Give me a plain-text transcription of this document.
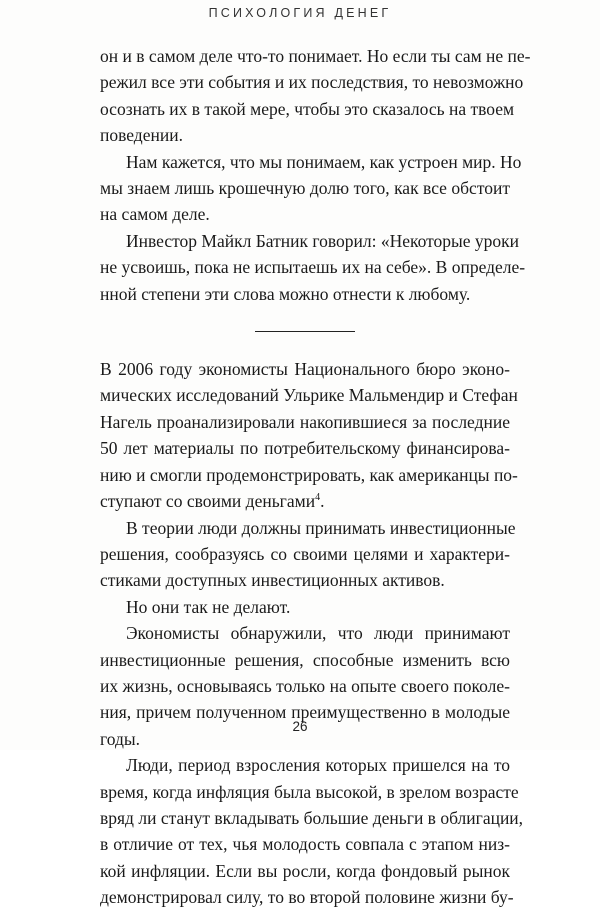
ПСИХОЛОГИЯ ДЕНЕГ

он и в самом деле что-то понимает. Но если ты сам не пе-
режил все эти события и их последствия, то невозможно
осознать их в такой мере, чтобы это сказалось на твоем
поведении.

Нам кажется, что мы понимаем, как устроен мир. Но
мы знаем лишь крошечную долю того, как все обстоит
на самом деле.

Инвестор Майкл Батник говорил: «Некоторые уроки
не усвоишь, пока не испытаешь их на себе». В определе-
нной степени эти слова можно отнести к любому.

В 2006 году экономисты Национального бюро эконо-
мических исследований Ульрике Мальмендир и Стефан
Нагель проанализировали накопившиеся за последние
50 лет материалы по потребительскому финансирова-
нию и смогли продемонстрировать, как американцы по-
ступают со своими деньгами$^4$.

В теории люди должны принимать инвестиционные
решения, сообразуясь со своими целями и характери-
стиками доступных инвестиционных активов.

Но они так не делают.

Экономисты обнаружили, что люди принимают
инвестиционные решения, способные изменить всю
их жизнь, основываясь только на опыте своего поколе-
ния, причем полученном преимущественно в молодые
годы.

Люди, период взросления которых пришелся на то
время, когда инфляция была высокой, в зрелом возрасте
вряд ли станут вкладывать большие деньги в облигации,
в отличие от тех, чья молодость совпала с этапом низ-
кой инфляции. Если вы росли, когда фондовый рынок
демонстрировал силу, то во второй половине жизни бу-

26
